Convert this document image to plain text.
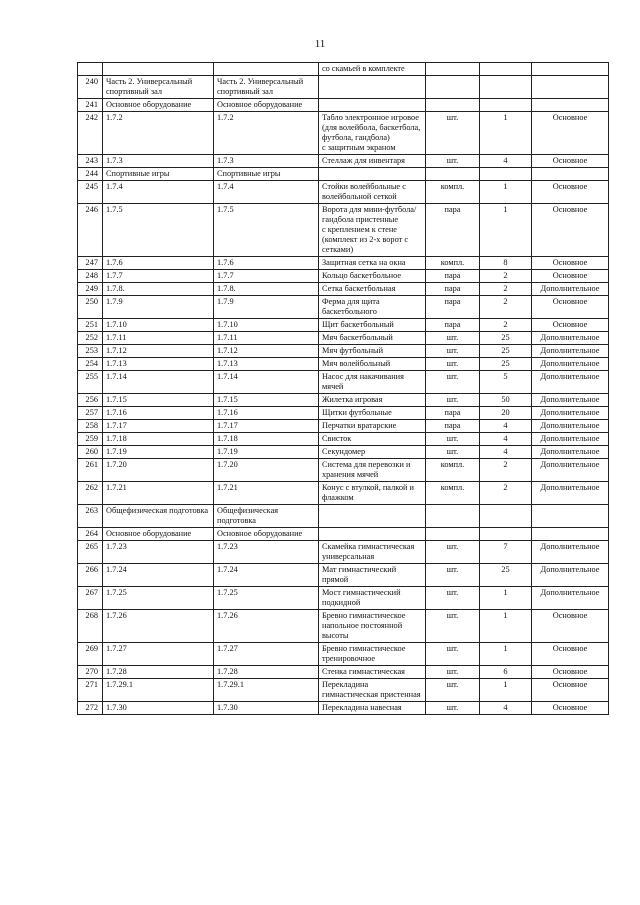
11
			со скамьей в комплекте			
240	Часть 2. Универсальный спортивный зал	Часть 2. Универсальный спортивный зал				
241	Основное оборудование	Основное оборудование				
242	1.7.2	1.7.2	Табло электронное игровое (для волейбола, баскетбола, футбола, гандбола)
с защитным экраном	шт.	1	Основное
243	1.7.3	1.7.3	Стеллаж для инвентаря	шт.	4	Основное
244	Спортивные игры	Спортивные игры				
245	1.7.4	1.7.4	Стойки волейбольные с волейбольной сеткой	компл.	1	Основное
246	1.7.5	1.7.5	Ворота для мини-футбола/гандбола пристенные
с креплением к стене
(комплект из 2-х ворот с сетками)	пара	1	Основное
247	1.7.6	1.7.6	Защитная сетка на окна	компл.	8	Основное
248	1.7.7	1.7.7	Кольцо баскетбольное	пара	2	Основное
249	1.7.8.	1.7.8.	Сетка баскетбольная	пара	2	Дополнительное
250	1.7.9	1.7.9	Ферма для щита баскетбольного	пара	2	Основное
251	1.7.10	1.7.10	Щит баскетбольный	пара	2	Основное
252	1.7.11	1.7.11	Мяч баскетбольный	шт.	25	Дополнительное
253	1.7.12	1.7.12	Мяч футбольный	шт.	25	Дополнительное
254	1.7.13	1.7.13	Мяч волейбольный	шт.	25	Дополнительное
255	1.7.14	1.7.14	Насос для накачивания мячей	шт.	5	Дополнительное
256	1.7.15	1.7.15	Жилетка игровая	шт.	50	Дополнительное
257	1.7.16	1.7.16	Щитки футбольные	пара	20	Дополнительное
258	1.7.17	1.7.17	Перчатки вратарские	пара	4	Дополнительное
259	1.7.18	1.7.18	Свисток	шт.	4	Дополнительное
260	1.7.19	1.7.19	Секундомер	шт.	4	Дополнительное
261	1.7.20	1.7.20	Система для перевозки и хранения мячей	компл.	2	Дополнительное
262	1.7.21	1.7.21	Конус с втулкой, палкой и флажком	компл.	2	Дополнительное
263	Общефизическая подготовка	Общефизическая подготовка				
264	Основное оборудование	Основное оборудование				
265	1.7.23	1.7.23	Скамейка гимнастическая универсальная	шт.	7	Дополнительное
266	1.7.24	1.7.24	Мат гимнастический прямой	шт.	25	Дополнительное
267	1.7.25	1.7.25	Мост гимнастический подкидной	шт.	1	Дополнительное
268	1.7.26	1.7.26	Бревно гимнастическое напольное постоянной высоты	шт.	1	Основное
269	1.7.27	1.7.27	Бревно гимнастическое тренировочное	шт.	1	Основное
270	1.7.28	1.7.28	Стенка гимнастическая	шт.	6	Основное
271	1.7.29.1	1.7.29.1	Перекладина гимнастическая пристенная	шт.	1	Основное
272	1.7.30	1.7.30	Перекладина навесная	шт.	4	Основное
